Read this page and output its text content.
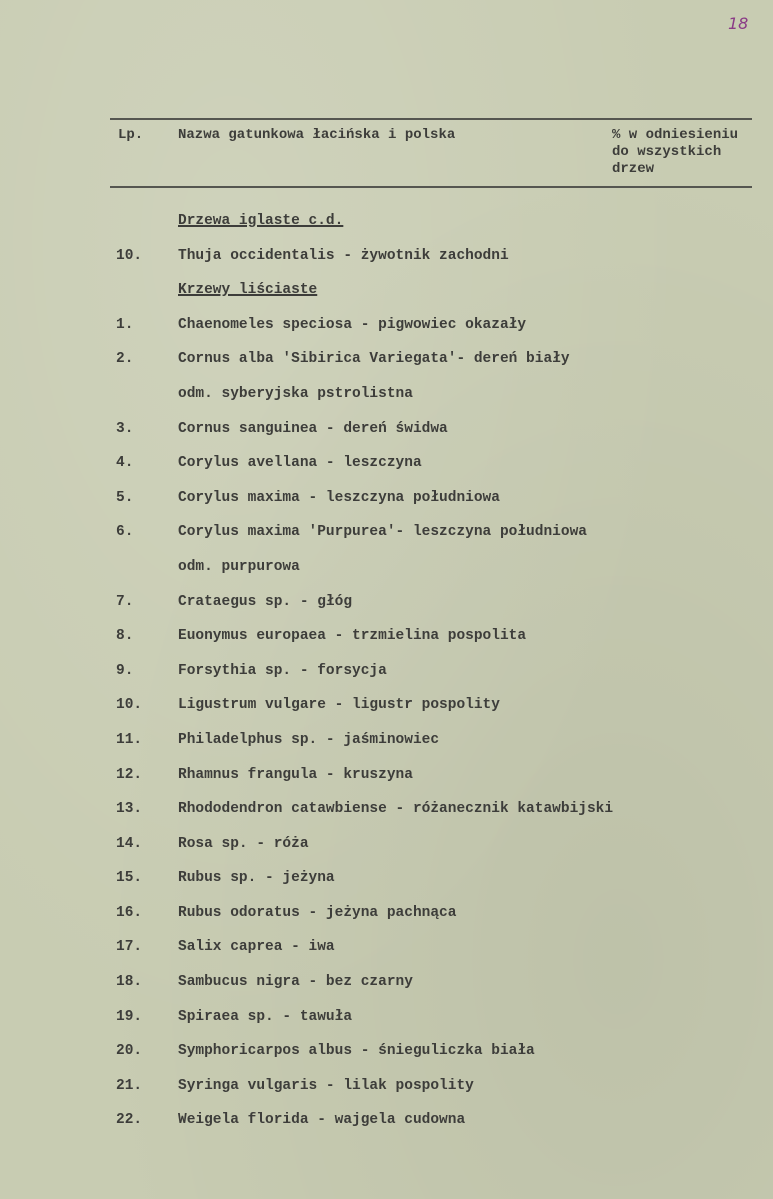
18
Lp. Nazwa gatunkowa łacińska i polska	% w odniesieniu
do wszystkich
drzew
Drzewa iglaste c.d.
10. Thuja occidentalis - żywotnik zachodni
Krzewy liściaste
1.	Chaenomeles speciosa - pigwowiec okazały
2.	Cornus alba 'Sibirica Variegata'- dereń biały
odm. syberyjska pstrolistna
3.	Cornus sanguinea - dereń świdwa
4.	Corylus avellana - leszczyna
5.	Corylus maxima - leszczyna południowa
6.	Corylus maxima 'Purpurea'- leszczyna południowa
odm. purpurowa
7.	Crataegus sp. - głóg
8.	Euonymus europaea - trzmielina pospolita
9.	Forsythia sp. - forsycja
10. Ligustrum vulgare - ligustr pospolity
11. Philadelphus sp. - jaśminowiec
12. Rhamnus frangula - kruszyna
13. Rhododendron catawbiense - różanecznik katawbijski
14. Rosa sp. - róża
15. Rubus sp. - jeżyna
16. Rubus odoratus - jeżyna pachnąca
17. Salix caprea - iwa
18. Sambucus nigra - bez czarny
19. Spiraea sp. - tawuła
20. Symphoricarpos albus - śnieguliczka biała
21. Syringa vulgaris - lilak pospolity
22. Weigela florida - wajgela cudowna
